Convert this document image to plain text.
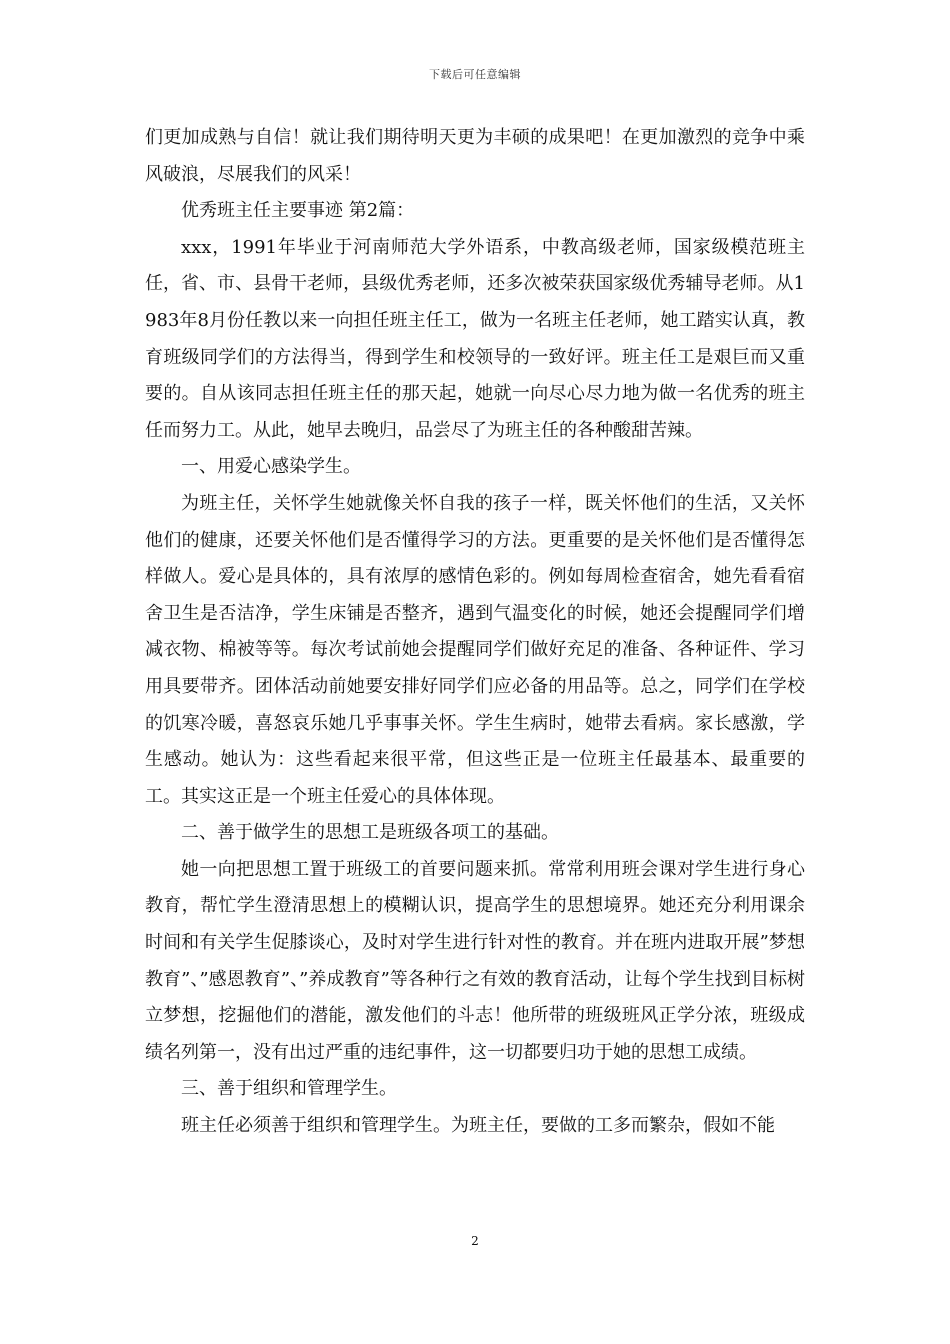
下载后可任意编辑

们更加成熟与自信！就让我们期待明天更为丰硕的成果吧！在更加激烈的竞争中乘风破浪，尽展我们的风采！

优秀班主任主要事迹 第2篇：

xxx，1991年毕业于河南师范大学外语系，中教高级老师，国家级模范班主任，省、市、县骨干老师，县级优秀老师，还多次被荣获国家级优秀辅导老师。从1983年8月份任教以来一向担任班主任工，做为一名班主任老师，她工踏实认真，教育班级同学们的方法得当，得到学生和校领导的一致好评。班主任工是艰巨而又重要的。自从该同志担任班主任的那天起，她就一向尽心尽力地为做一名优秀的班主任而努力工。从此，她早去晚归，品尝尽了为班主任的各种酸甜苦辣。

一、用爱心感染学生。

为班主任，关怀学生她就像关怀自我的孩子一样，既关怀他们的生活，又关怀他们的健康，还要关怀他们是否懂得学习的方法。更重要的是关怀他们是否懂得怎样做人。爱心是具体的，具有浓厚的感情色彩的。例如每周检查宿舍，她先看看宿舍卫生是否洁净，学生床铺是否整齐，遇到气温变化的时候，她还会提醒同学们增减衣物、棉被等等。每次考试前她会提醒同学们做好充足的准备、各种证件、学习用具要带齐。团体活动前她要安排好同学们应必备的用品等。总之，同学们在学校的饥寒冷暖，喜怒哀乐她几乎事事关怀。学生生病时，她带去看病。家长感激，学生感动。她认为：这些看起来很平常，但这些正是一位班主任最基本、最重要的工。其实这正是一个班主任爱心的具体体现。

二、善于做学生的思想工是班级各项工的基础。

她一向把思想工置于班级工的首要问题来抓。常常利用班会课对学生进行身心教育，帮忙学生澄清思想上的模糊认识，提高学生的思想境界。她还充分利用课余时间和有关学生促膝谈心，及时对学生进行针对性的教育。并在班内进取开展”梦想教育”、”感恩教育”、”养成教育”等各种行之有效的教育活动，让每个学生找到目标树立梦想，挖掘他们的潜能，激发他们的斗志！他所带的班级班风正学分浓，班级成绩名列第一，没有出过严重的违纪事件，这一切都要归功于她的思想工成绩。

三、善于组织和管理学生。

班主任必须善于组织和管理学生。为班主任，要做的工多而繁杂，假如不能

2
